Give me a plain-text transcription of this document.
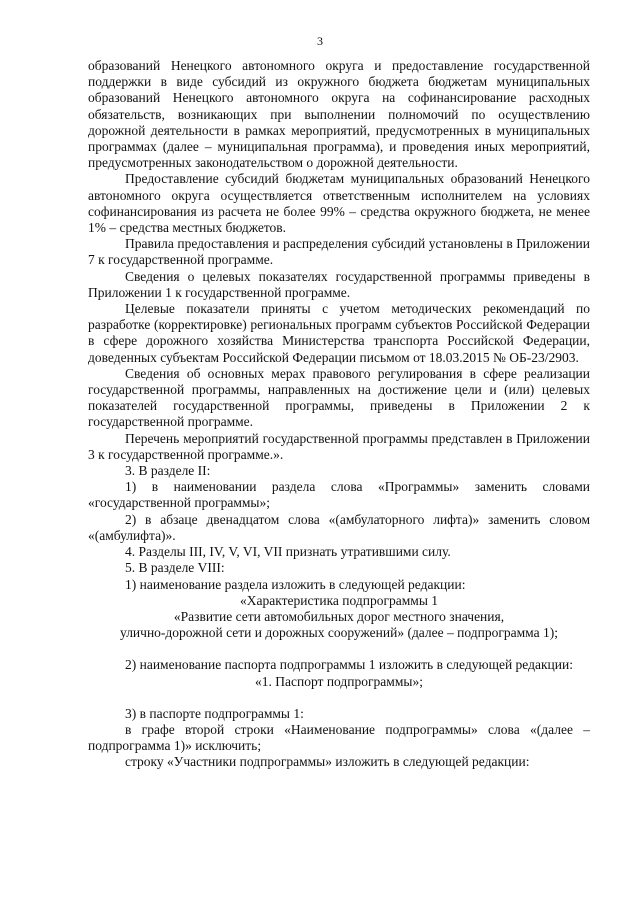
3

образований Ненецкого автономного округа и предоставление государственной поддержки в виде субсидий из окружного бюджета бюджетам муниципальных образований Ненецкого автономного округа на софинансирование расходных обязательств, возникающих при выполнении полномочий по осуществлению дорожной деятельности в рамках мероприятий, предусмотренных в муниципальных программах (далее – муниципальная программа), и проведения иных мероприятий, предусмотренных законодательством о дорожной деятельности.

Предоставление субсидий бюджетам муниципальных образований Ненецкого автономного округа осуществляется ответственным исполнителем на условиях софинансирования из расчета не более 99% – средства окружного бюджета, не менее 1% – средства местных бюджетов.

Правила предоставления и распределения субсидий установлены в Приложении 7 к государственной программе.

Сведения о целевых показателях государственной программы приведены в Приложении 1 к государственной программе.

Целевые показатели приняты с учетом методических рекомендаций по разработке (корректировке) региональных программ субъектов Российской Федерации в сфере дорожного хозяйства Министерства транспорта Российской Федерации, доведенных субъектам Российской Федерации письмом от 18.03.2015 № ОБ-23/2903.

Сведения об основных мерах правового регулирования в сфере реализации государственной программы, направленных на достижение цели и (или) целевых показателей государственной программы, приведены в Приложении 2 к государственной программе.

Перечень мероприятий государственной программы представлен в Приложении 3 к государственной программе.».

3. В разделе II:

1) в наименовании раздела слова «Программы» заменить словами «государственной программы»;

2) в абзаце двенадцатом слова «(амбулаторного лифта)» заменить словом «(амбулифта)».

4. Разделы III, IV, V, VI, VII признать утратившими силу.

5. В разделе VIII:

1) наименование раздела изложить в следующей редакции:

«Характеристика подпрограммы 1

«Развитие сети автомобильных дорог местного значения,

улично-дорожной сети и дорожных сооружений» (далее – подпрограмма 1);

2) наименование паспорта подпрограммы 1 изложить в следующей редакции:

«1. Паспорт подпрограммы»;

3) в паспорте подпрограммы 1:

в графе второй строки «Наименование подпрограммы» слова «(далее – подпрограмма 1)» исключить;

строку «Участники подпрограммы» изложить в следующей редакции:
